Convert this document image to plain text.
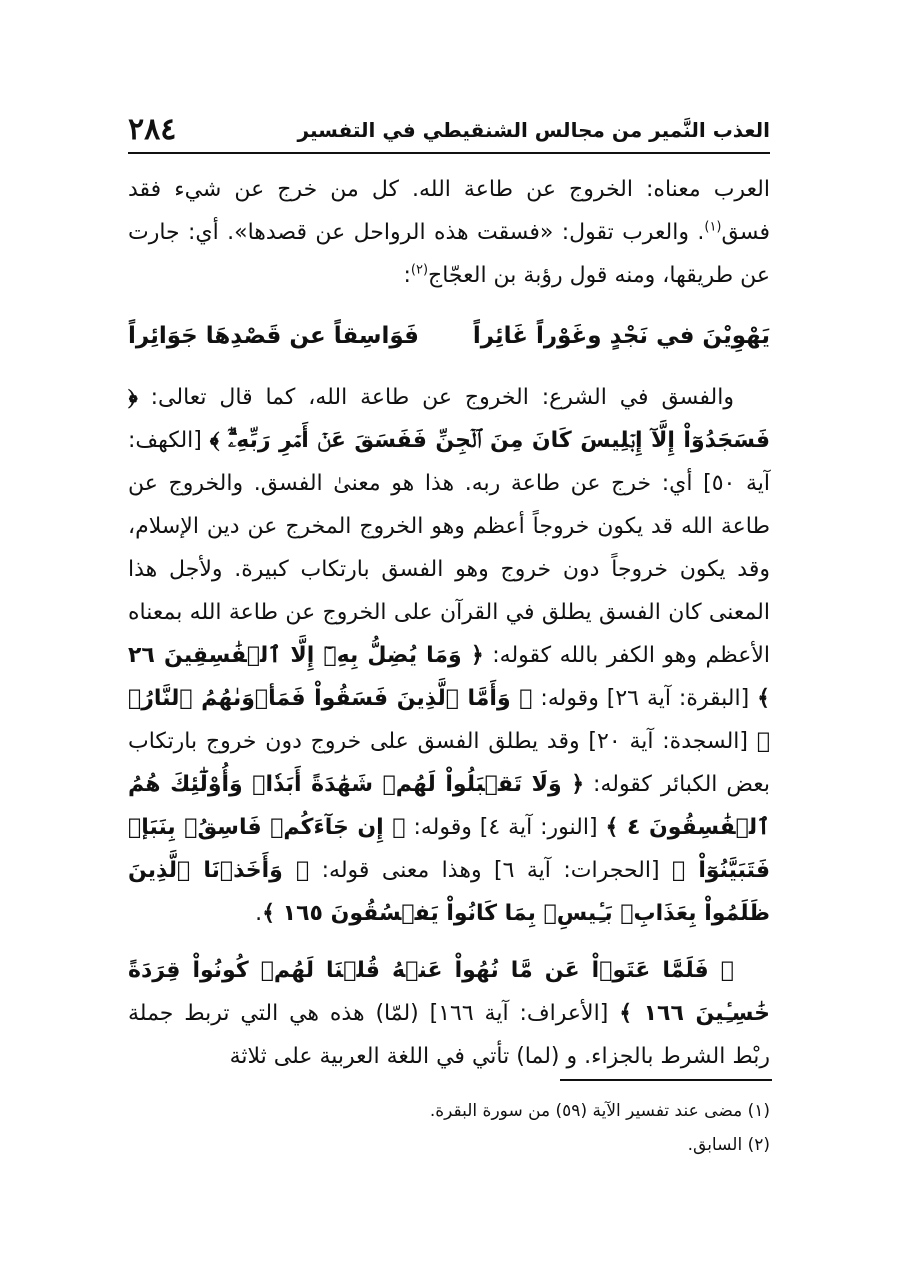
٢٨٤	العذب النَّمير من مجالس الشنقيطي في التفسير

العرب معناه: الخروج عن طاعة الله. كل من خرج عن شيء فقد فسق$^{(١)}$. والعرب تقول: «فسقت هذه الرواحل عن قصدها». أي: جارت عن طريقها، ومنه قول رؤبة بن العجّاج$^{(٢)}$:

يَهْوِيْنَ في نَجْدٍ وغَوْراً غَائِراً
فَوَاسِقاً عن قَصْدِهَا جَوَائِراً

والفسق في الشرع: الخروج عن طاعة الله، كما قال تعالى: ﴿ فَسَجَدُوٓاْ إِلَّآ إِبۡلِيسَ كَانَ مِنَ ٱلۡجِنِّ فَفَسَقَ عَنۡ أَمۡرِ رَبِّهِۦٓۗ ﴾ [الكهف: آية ٥٠] أي: خرج عن طاعة ربه. هذا هو معنىٰ الفسق. والخروج عن طاعة الله قد يكون خروجاً أعظم وهو الخروج المخرج عن دين الإسلام، وقد يكون خروجاً دون خروج وهو الفسق بارتكاب كبيرة. ولأجل هذا المعنى كان الفسق يطلق في القرآن على الخروج عن طاعة الله بمعناه الأعظم وهو الكفر بالله كقوله: ﴿ وَمَا يُضِلُّ بِهِۦٓ إِلَّا ٱلۡفَٰسِقِينَ ٢٦ ﴾ [البقرة: آية ٢٦] وقوله: ﴿ وَأَمَّا ٱلَّذِينَ فَسَقُواْ فَمَأۡوَىٰهُمُ ٱلنَّارُۖ ﴾ [السجدة: آية ٢٠] وقد يطلق الفسق على خروج دون خروج بارتكاب بعض الكبائر كقوله: ﴿ وَلَا تَقۡبَلُواْ لَهُمۡ شَهَٰدَةً أَبَدٗاۚ وَأُوْلَٰٓئِكَ هُمُ ٱلۡفَٰسِقُونَ ٤ ﴾ [النور: آية ٤] وقوله: ﴿ إِن جَآءَكُمۡ فَاسِقُۢ بِنَبَإٖ فَتَبَيَّنُوٓاْ ﴾ [الحجرات: آية ٦] وهذا معنى قوله: ﴿ وَأَخَذۡنَا ٱلَّذِينَ ظَلَمُواْ بِعَذَابِۭ بَـِٔيسِۭ بِمَا كَانُواْ يَفۡسُقُونَ ١٦٥ ﴾.

﴿ فَلَمَّا عَتَوۡاْ عَن مَّا نُهُواْ عَنۡهُ قُلۡنَا لَهُمۡ كُونُواْ قِرَدَةً خَٰسِـِٔينَ ١٦٦ ﴾ [الأعراف: آية ١٦٦] (لمّا) هذه هي التي تربط جملة ربْط الشرط بالجزاء. و (لما) تأتي في اللغة العربية على ثلاثة

(١) مضى عند تفسير الآية (٥٩) من سورة البقرة.

(٢) السابق.
